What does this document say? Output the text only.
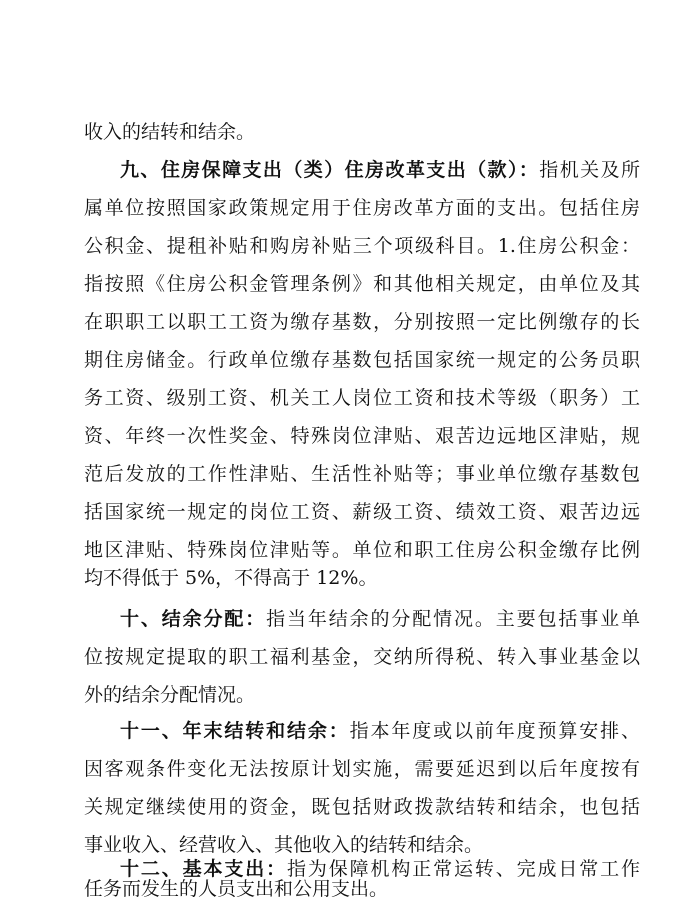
收入的结转和结余。
九、住房保障支出（类）住房改革支出（款）：指机关及所
属单位按照国家政策规定用于住房改革方面的支出。包括住房
公积金、提租补贴和购房补贴三个项级科目。1.住房公积金：
指按照《住房公积金管理条例》和其他相关规定，由单位及其
在职职工以职工工资为缴存基数，分别按照一定比例缴存的长
期住房储金。行政单位缴存基数包括国家统一规定的公务员职
务工资、级别工资、机关工人岗位工资和技术等级（职务）工
资、年终一次性奖金、特殊岗位津贴、艰苦边远地区津贴，规
范后发放的工作性津贴、生活性补贴等；事业单位缴存基数包
括国家统一规定的岗位工资、薪级工资、绩效工资、艰苦边远
地区津贴、特殊岗位津贴等。单位和职工住房公积金缴存比例
均不得低于 5%，不得高于 12%。
十、结余分配：指当年结余的分配情况。主要包括事业单
位按规定提取的职工福利基金，交纳所得税、转入事业基金以
外的结余分配情况。
十一、年末结转和结余：指本年度或以前年度预算安排、
因客观条件变化无法按原计划实施，需要延迟到以后年度按有
关规定继续使用的资金，既包括财政拨款结转和结余，也包括
事业收入、经营收入、其他收入的结转和结余。
十二、基本支出：指为保障机构正常运转、完成日常工作
任务而发生的人员支出和公用支出。
